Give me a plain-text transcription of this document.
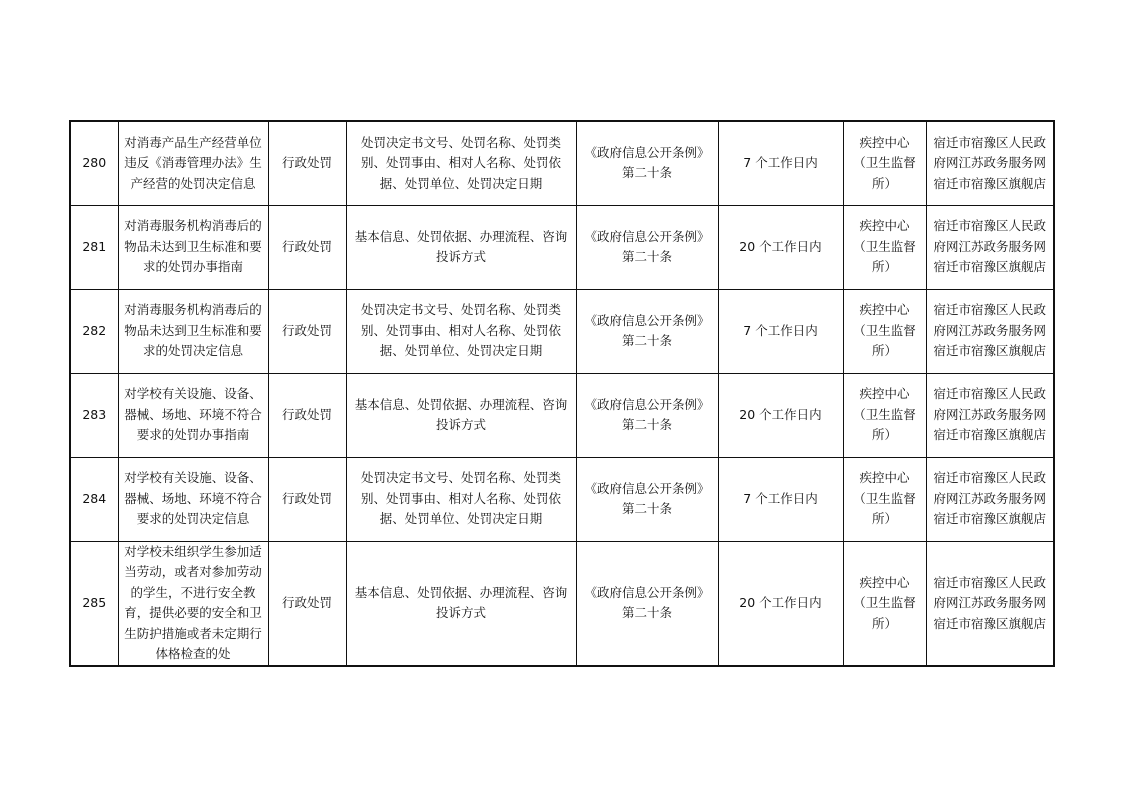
280	对消毒产品生产经营单位违反《消毒管理办法》生产经营的处罚决定信息	行政处罚	处罚决定书文号、处罚名称、处罚类别、处罚事由、相对人名称、处罚依据、处罚单位、处罚决定日期	《政府信息公开条例》第二十条	7 个工作日内	疾控中心（卫生监督所）	宿迁市宿豫区人民政府网江苏政务服务网宿迁市宿豫区旗舰店
281	对消毒服务机构消毒后的物品未达到卫生标准和要求的处罚办事指南	行政处罚	基本信息、处罚依据、办理流程、咨询投诉方式	《政府信息公开条例》第二十条	20 个工作日内	疾控中心（卫生监督所）	宿迁市宿豫区人民政府网江苏政务服务网宿迁市宿豫区旗舰店
282	对消毒服务机构消毒后的物品未达到卫生标准和要求的处罚决定信息	行政处罚	处罚决定书文号、处罚名称、处罚类别、处罚事由、相对人名称、处罚依据、处罚单位、处罚决定日期	《政府信息公开条例》第二十条	7 个工作日内	疾控中心（卫生监督所）	宿迁市宿豫区人民政府网江苏政务服务网宿迁市宿豫区旗舰店
283	对学校有关设施、设备、器械、场地、环境不符合要求的处罚办事指南	行政处罚	基本信息、处罚依据、办理流程、咨询投诉方式	《政府信息公开条例》第二十条	20 个工作日内	疾控中心（卫生监督所）	宿迁市宿豫区人民政府网江苏政务服务网宿迁市宿豫区旗舰店
284	对学校有关设施、设备、器械、场地、环境不符合要求的处罚决定信息	行政处罚	处罚决定书文号、处罚名称、处罚类别、处罚事由、相对人名称、处罚依据、处罚单位、处罚决定日期	《政府信息公开条例》第二十条	7 个工作日内	疾控中心（卫生监督所）	宿迁市宿豫区人民政府网江苏政务服务网宿迁市宿豫区旗舰店
285	对学校未组织学生参加适当劳动，或者对参加劳动的学生，不进行安全教育，提供必要的安全和卫生防护措施或者未定期行体格检查的处	行政处罚	基本信息、处罚依据、办理流程、咨询投诉方式	《政府信息公开条例》第二十条	20 个工作日内	疾控中心（卫生监督所）	宿迁市宿豫区人民政府网江苏政务服务网宿迁市宿豫区旗舰店
